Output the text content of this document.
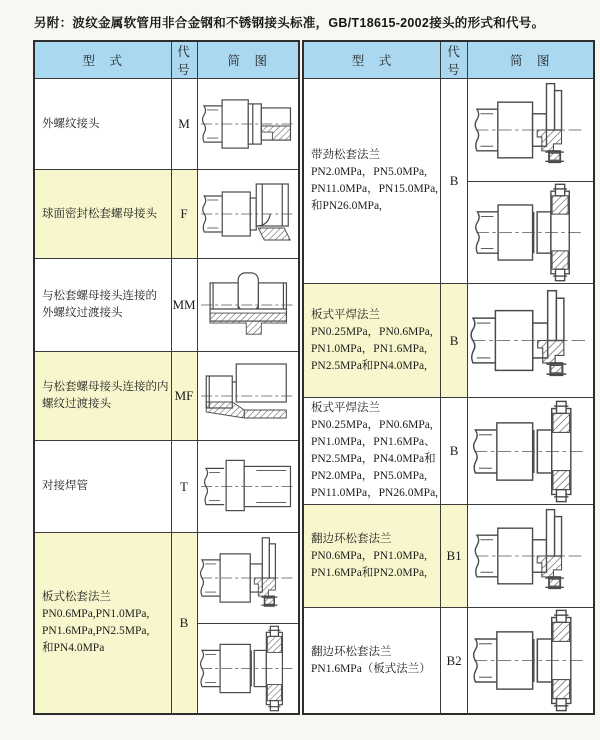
另附：波纹金属软管用非合金钢和不锈钢接头标准，GB/T18615-2002接头的形式和代号。
型　式	代号	简　图

外螺纹接头	M	

球面密封松套螺母接头	F	

与松套螺母接头连接的
外螺纹过渡接头	MM	

与松套螺母接头连接的内
螺纹过渡接头	MF	

对接焊管	T	

板式松套法兰
PN0.6MPa,PN1.0MPa,
PN1.6MPa,PN2.5MPa,
和PN4.0MPa	B	
型　式	代号	简　图

带劲松套法兰
PN2.0MPa，PN5.0MPa,
PN11.0MPa，PN15.0MPa,
和PN26.0MPa,	B	

板式平焊法兰
PN0.25MPa，PN0.6MPa,
PN1.0MPa，PN1.6MPa,
PN2.5MPa和PN4.0MPa,	B	

板式平焊法兰
PN0.25MPa，PN0.6MPa,
PN1.0MPa，PN1.6MPa、
PN2.5MPa，PN4.0MPa和
PN2.0MPa，PN5.0MPa,
PN11.0MPa，PN26.0MPa,
	B	

翻边环松套法兰
PN0.6MPa，PN1.0MPa,
PN1.6MPa和PN2.0MPa,	B1	

翻边环松套法兰
PN1.6MPa（板式法兰）	B2	
